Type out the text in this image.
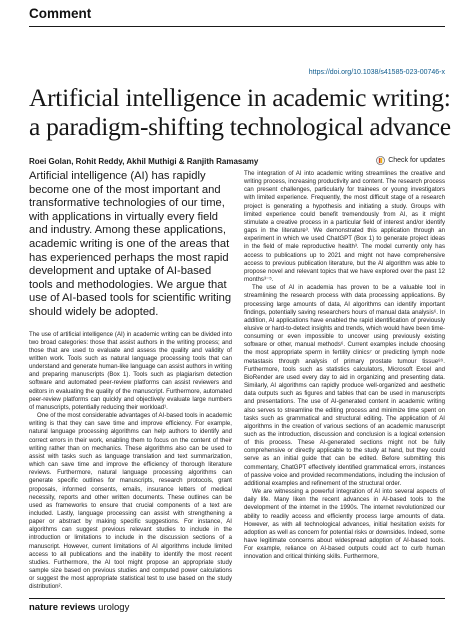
Comment
https://doi.org/10.1038/s41585-023-00746-x
Artificial intelligence in academic writing:
a paradigm-shifting technological advance
Roei Golan, Rohit Reddy, Akhil Muthigi & Ranjith Ramasamy	Check for updates

Artificial intelligence (AI) has rapidly become one of the most important and transformative technologies of our time, with applications in virtually every field and industry. Among these applications, academic writing is one of the areas that has experienced perhaps the most rapid development and uptake of AI-based tools and methodologies. We argue that use of AI-based tools for scientific writing should widely be adopted.

The use of artificial intelligence (AI) in academic writing can be divided into two broad categories: those that assist authors in the writing process; and those that are used to evaluate and assess the quality and validity of written work. Tools such as natural language processing tools that can understand and generate human-like language can assist authors in writing and preparing manuscripts (Box 1). Tools such as plagiarism detection software and automated peer-review platforms can assist reviewers and editors in evaluating the quality of the manuscript. Furthermore, automated peer-review platforms can quickly and objectively evaluate large numbers of manuscripts, potentially reducing their workload¹.

One of the most considerable advantages of AI-based tools in academic writing is that they can save time and improve efficiency. For example, natural language processing algorithms can help authors to identify and correct errors in their work, enabling them to focus on the content of their writing rather than on mechanics. These algorithms also can be used to assist with tasks such as language translation and text summarization, which can save time and improve the efficiency of thorough literature reviews. Furthermore, natural language processing algorithms can generate specific outlines for manuscripts, research protocols, grant proposals, informed consents, emails, insurance letters of medical necessity, reports and other written documents. These outlines can be used as frameworks to ensure that crucial components of a text are included. Lastly, language processing can assist with strengthening a paper or abstract by making specific suggestions. For instance, AI algorithms can suggest previous relevant studies to include in the introduction or limitations to include in the discussion sections of a manuscript. However, current limitations of AI algorithms include limited access to all publications and the inability to identify the most recent studies. Furthermore, the AI tool might propose an appropriate study sample size based on previous studies and computed power calculations or suggest the most appropriate statistical test to use based on the study distribution².

The integration of AI into academic writing streamlines the creative and writing process, increasing productivity and content. The research process can present challenges, particularly for trainees or young investigators with limited experience. Frequently, the most difficult stage of a research project is generating a hypothesis and initiating a study. Groups with limited experience could benefit tremendously from AI, as it might stimulate a creative process in a particular field of interest and/or identify gaps in the literature³. We demonstrated this application through an experiment in which we used ChatGPT (Box 1) to generate project ideas in the field of male reproductive health³. The model currently only has access to publications up to 2021 and might not have comprehensive access to previous publication literature, but the AI algorithm was able to propose novel and relevant topics that we have explored over the past 12 months³⁻⁵.

The use of AI in academia has proven to be a valuable tool in streamlining the research process with data processing applications. By processing large amounts of data, AI algorithms can identify important findings, potentially saving researchers hours of manual data analysis⁶. In addition, AI applications have enabled the rapid identification of previously elusive or hard-to-detect insights and trends, which would have been time-consuming or even impossible to uncover using previously existing software or other, manual methods⁶. Current examples include choosing the most appropriate sperm in fertility clinics⁷ or predicting lymph node metastasis through analysis of primary prostate tumour tissue⁸⁹. Furthermore, tools such as statistics calculators, Microsoft Excel and BioRender are used every day to aid in organizing and presenting data. Similarly, AI algorithms can rapidly produce well-organized and aesthetic data outputs such as figures and tables that can be used in manuscripts and presentations. The use of AI-generated content in academic writing also serves to streamline the editing process and minimize time spent on tasks such as grammatical and structural editing. The application of AI algorithms in the creation of various sections of an academic manuscript such as the introduction, discussion and conclusion is a logical extension of this process. These AI-generated sections might not be fully comprehensive or directly applicable to the study at hand, but they could serve as an initial guide that can be edited. Before submitting this commentary, ChatGPT effectively identified grammatical errors, instances of passive voice and provided recommendations, including the inclusion of additional examples and refinement of the structural order.

We are witnessing a powerful integration of AI into several aspects of daily life. Many liken the recent advances in AI-based tools to the development of the internet in the 1990s. The internet revolutionized our ability to readily access and efficiently process large amounts of data. However, as with all technological advances, initial hesitation exists for adoption as well as concern for potential risks or downsides. Indeed, some have legitimate concerns about widespread adoption of AI-based tools. For example, reliance on AI-based outputs could act to curb human innovation and critical thinking skills. Furthermore,

nature reviews urology
